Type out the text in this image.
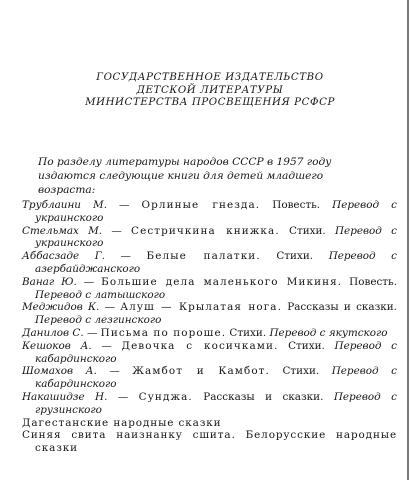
ГОСУДАРСТВЕННОЕ ИЗДАТЕЛЬСТВО
ДЕТСКОЙ ЛИТЕРАТУРЫ
МИНИСТЕРСТВА ПРОСВЕЩЕНИЯ РСФСР
По разделу литературы народов СССР в 1957 году издаются следующие книги для детей младшего возраста:
Трублаини М. — Орлиные гнезда. Повесть. Перевод с украинского
Стельмах М. — Сестричкина книжка. Стихи. Перевод с украинского
Аббасзаде Г. — Белые палатки. Стихи. Перевод с азербайджанского
Ванаг Ю. — Большие дела маленького Микиня. Повесть. Перевод с латышского
Меджидов К. — Алуш — Крылатая нога. Рассказы и сказки. Перевод с лезгинского
Данилов С. — Письма по пороше. Стихи. Перевод с якутского
Кешоков А. — Девочка с косичками. Стихи. Перевод с кабардинского
Шомахов А. — Жамбот и Камбот. Стихи. Перевод с кабардинского
Накашидзе Н. — Сунджа. Рассказы и сказки. Перевод с грузинского
Дагестанские народные сказки
Синяя свита наизнанку сшита. Белорусские народные сказки
